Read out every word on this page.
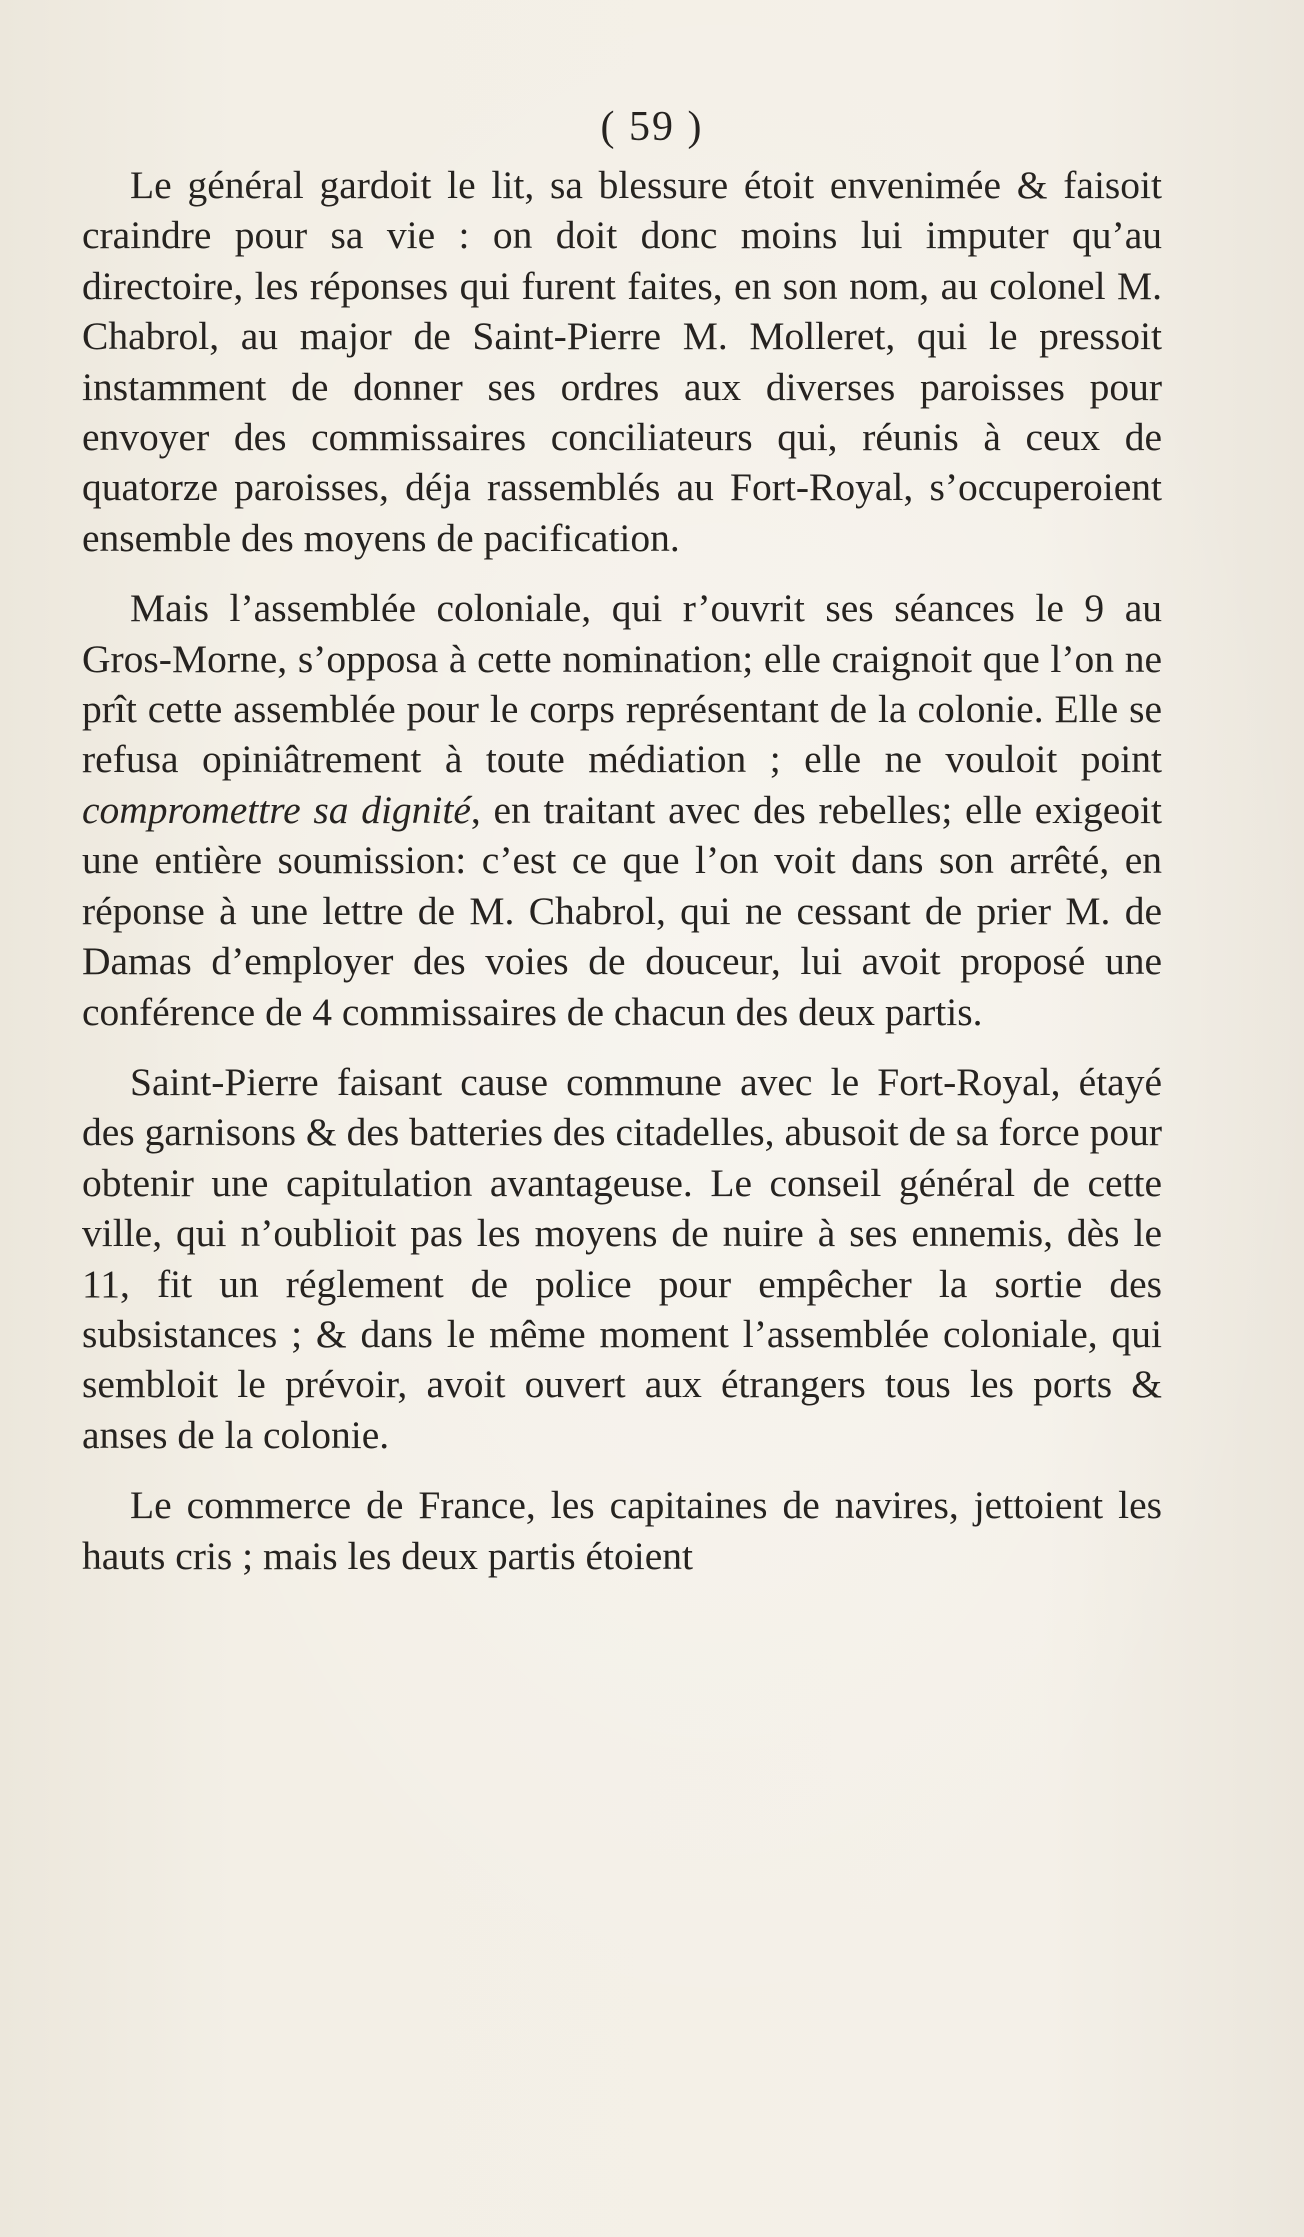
( 59 )

Le général gardoit le lit, sa blessure étoit envenimée & faisoit craindre pour sa vie : on doit donc moins lui imputer qu’au directoire, les réponses qui furent faites, en son nom, au colonel M. Chabrol, au major de Saint-Pierre M. Molleret, qui le pressoit instamment de donner ses ordres aux diverses paroisses pour envoyer des commissaires conciliateurs qui, réunis à ceux de quatorze paroisses, déja rassemblés au Fort-Royal, s’occuperoient ensemble des moyens de pacification.

Mais l’assemblée coloniale, qui r’ouvrit ses séances le 9 au Gros-Morne, s’opposa à cette nomination; elle craignoit que l’on ne prît cette assemblée pour le corps représentant de la colonie. Elle se refusa opiniâtrement à toute médiation ; elle ne vouloit point compromettre sa dignité, en traitant avec des rebelles; elle exigeoit une entière soumission: c’est ce que l’on voit dans son arrêté, en réponse à une lettre de M. Chabrol, qui ne cessant de prier M. de Damas d’employer des voies de douceur, lui avoit proposé une conférence de 4 commissaires de chacun des deux partis.

Saint-Pierre faisant cause commune avec le Fort-Royal, étayé des garnisons & des batteries des citadelles, abusoit de sa force pour obtenir une capitulation avantageuse. Le conseil général de cette ville, qui n’oublioit pas les moyens de nuire à ses ennemis, dès le 11, fit un réglement de police pour empêcher la sortie des subsistances ; & dans le même moment l’assemblée coloniale, qui sembloit le prévoir, avoit ouvert aux étrangers tous les ports & anses de la colonie.

Le commerce de France, les capitaines de navires, jettoient les hauts cris ; mais les deux partis étoient
